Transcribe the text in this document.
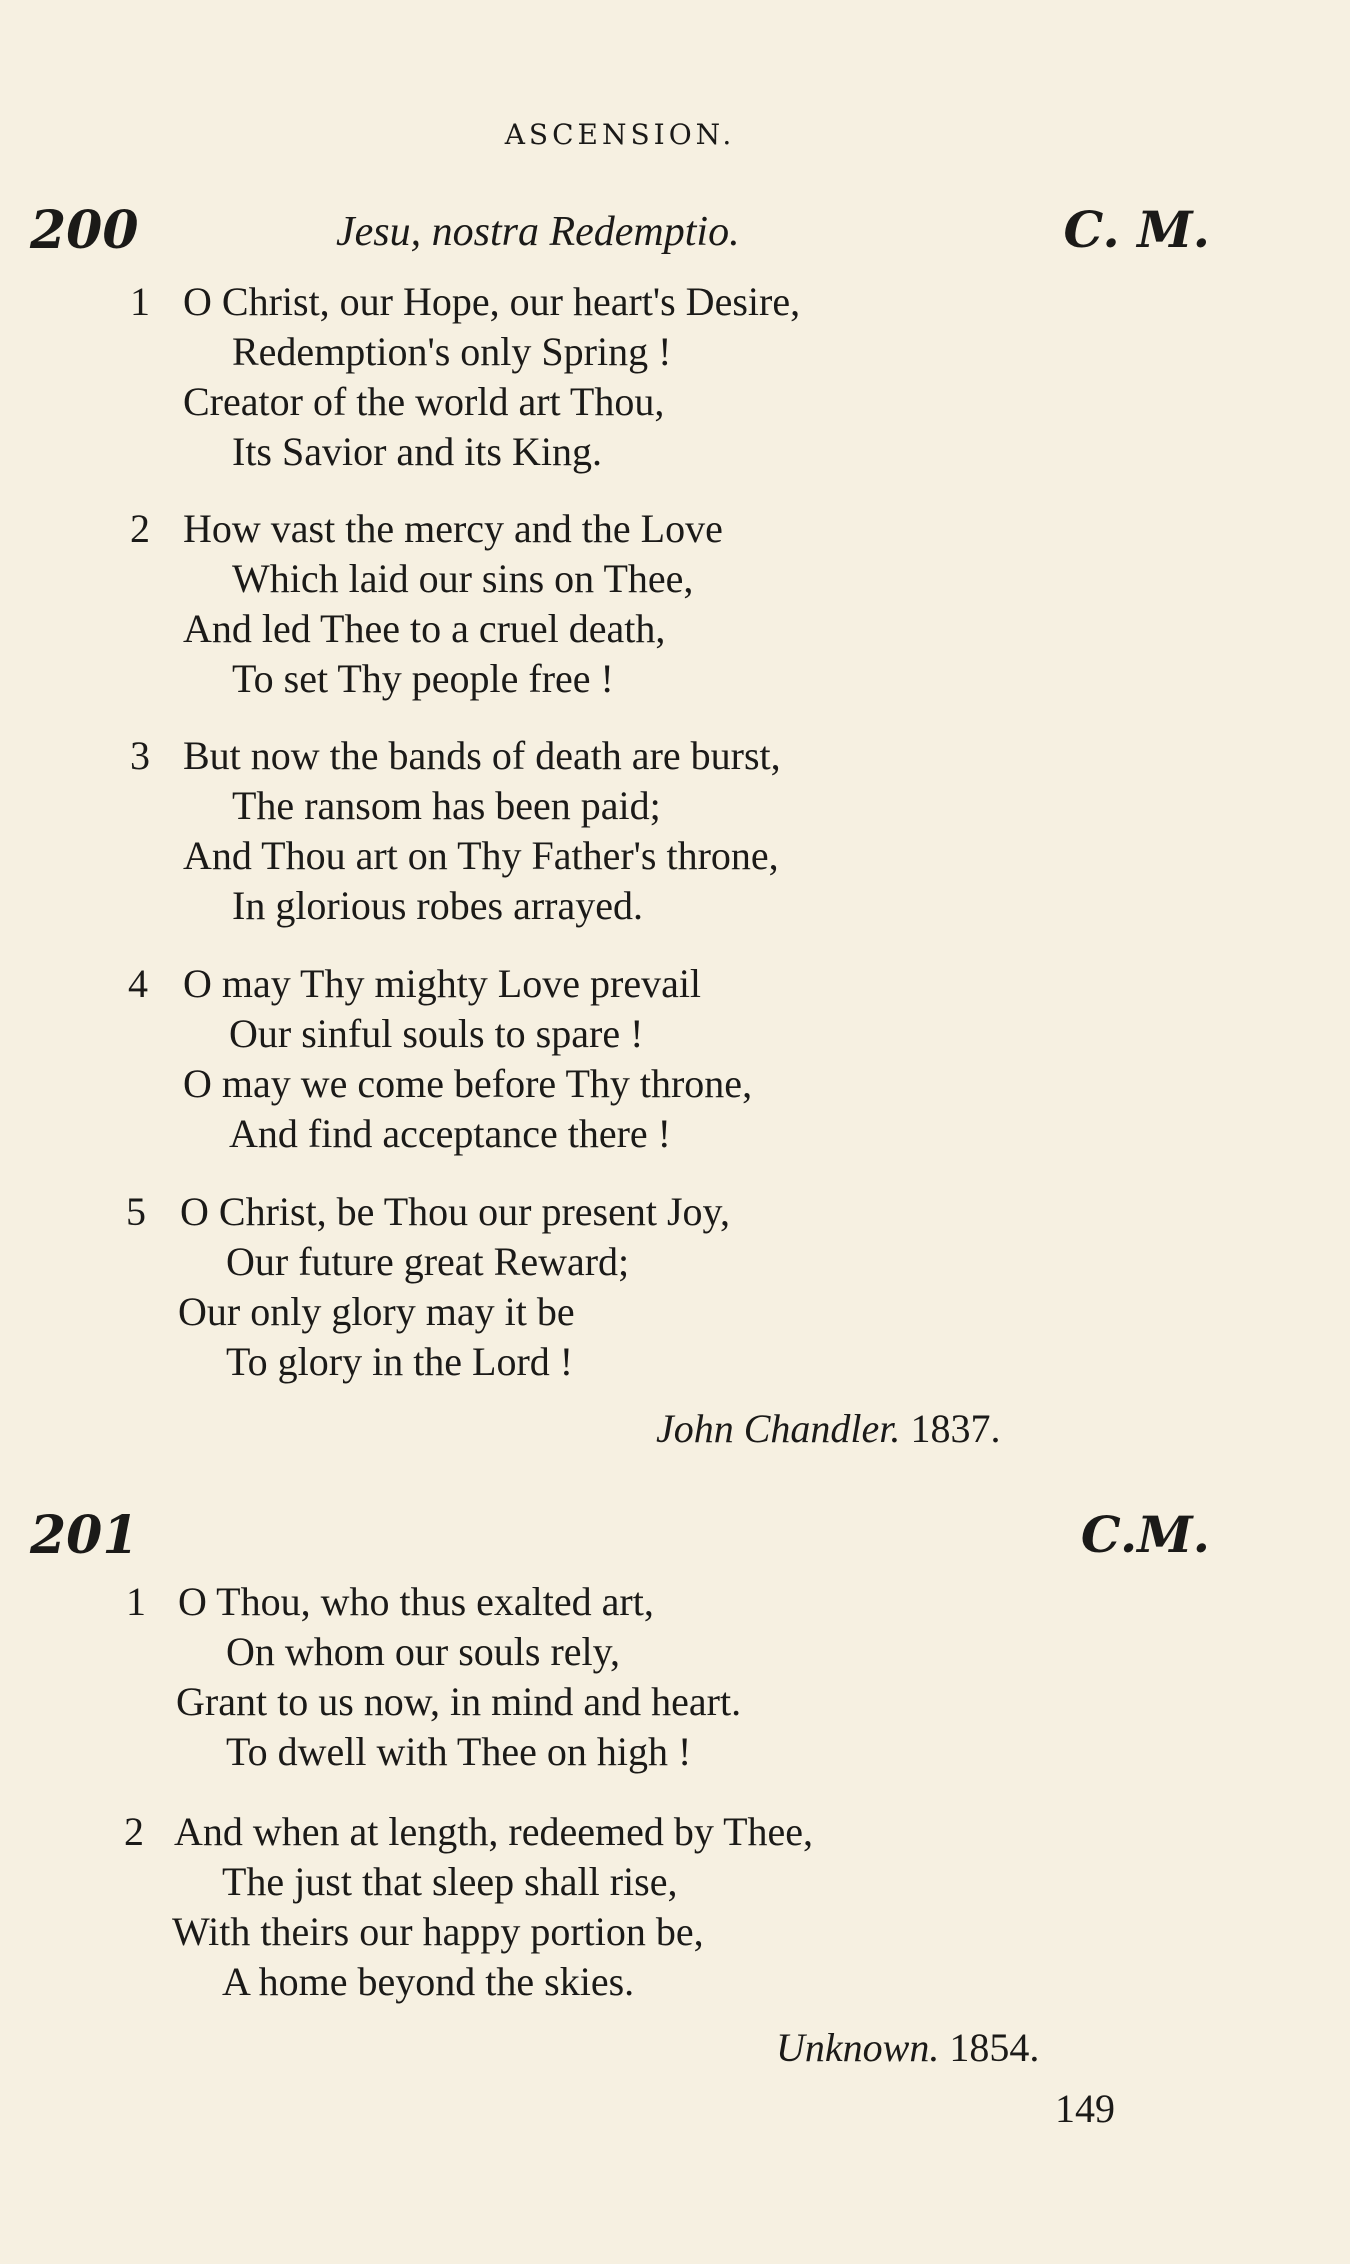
ASCENSION.
200	Jesu, nostra Redemptio.	C. M.
1 O Christ, our Hope, our heart's Desire,
Redemption's only Spring !
Creator of the world art Thou,
Its Savior and its King.
2 How vast the mercy and the Love
Which laid our sins on Thee,
And led Thee to a cruel death,
To set Thy people free !
3 But now the bands of death are burst,
The ransom has been paid;
And Thou art on Thy Father's throne,
In glorious robes arrayed.
4 O may Thy mighty Love prevail
Our sinful souls to spare !
O may we come before Thy throne,
And find acceptance there !
5 O Christ, be Thou our present Joy,
Our future great Reward;
Our only glory may it be
To glory in the Lord !
John Chandler. 1837.
201	C.M.
1 O Thou, who thus exalted art,
On whom our souls rely,
Grant to us now, in mind and heart.
To dwell with Thee on high !
2 And when at length, redeemed by Thee,
The just that sleep shall rise,
With theirs our happy portion be,
A home beyond the skies.
Unknown. 1854.
149
